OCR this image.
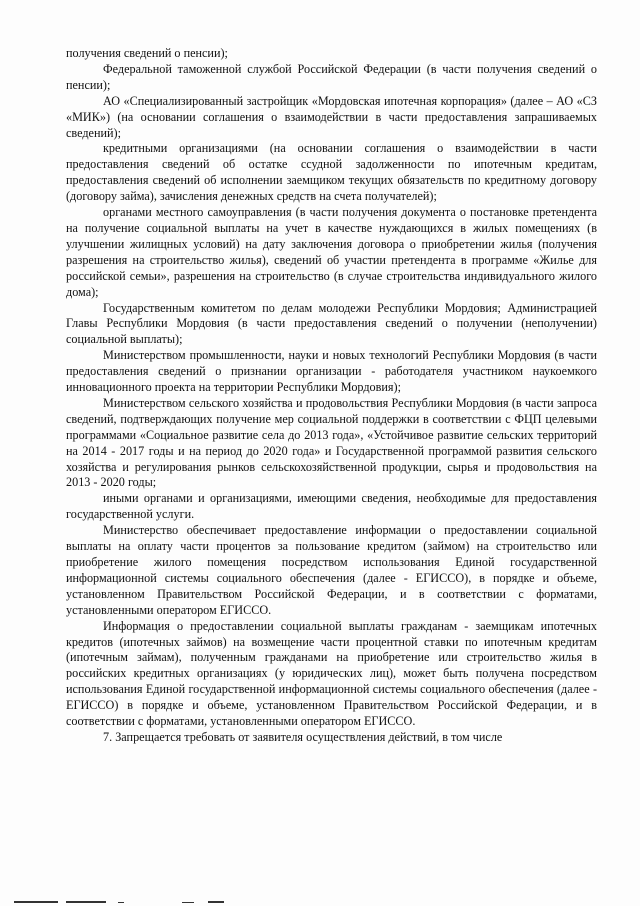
получения сведений о пенсии);

Федеральной таможенной службой Российской Федерации (в части получения сведений о пенсии);

АО «Специализированный застройщик «Мордовская ипотечная корпорация» (далее – АО «СЗ «МИК») (на основании соглашения о взаимодействии в части предоставления запрашиваемых сведений);

кредитными организациями (на основании соглашения о взаимодействии в части предоставления сведений об остатке ссудной задолженности по ипотечным кредитам, предоставления сведений об исполнении заемщиком текущих обязательств по кредитному договору (договору займа), зачисления денежных средств на счета получателей);

органами местного самоуправления (в части получения документа о постановке претендента на получение социальной выплаты на учет в качестве нуждающихся в жилых помещениях (в улучшении жилищных условий) на дату заключения договора о приобретении жилья (получения разрешения на строительство жилья), сведений об участии претендента в программе «Жилье для российской семьи», разрешения на строительство (в случае строительства индивидуального жилого дома);

Государственным комитетом по делам молодежи Республики Мордовия; Администрацией Главы Республики Мордовия (в части предоставления сведений о получении (неполучении) социальной выплаты);

Министерством промышленности, науки и новых технологий Республики Мордовия (в части предоставления сведений о признании организации - работодателя участником наукоемкого инновационного проекта на территории Республики Мордовия);

Министерством сельского хозяйства и продовольствия Республики Мордовия (в части запроса сведений, подтверждающих получение мер социальной поддержки в соответствии с ФЦП целевыми программами «Социальное развитие села до 2013 года», «Устойчивое развитие сельских территорий на 2014 - 2017 годы и на период до 2020 года» и Государственной программой развития сельского хозяйства и регулирования рынков сельскохозяйственной продукции, сырья и продовольствия на 2013 - 2020 годы;

иными органами и организациями, имеющими сведения, необходимые для предоставления государственной услуги.

Министерство обеспечивает предоставление информации о предоставлении социальной выплаты на оплату части процентов за пользование кредитом (займом) на строительство или приобретение жилого помещения посредством использования Единой государственной информационной системы социального обеспечения (далее - ЕГИССО), в порядке и объеме, установленном Правительством Российской Федерации, и в соответствии с форматами, установленными оператором ЕГИССО.

Информация о предоставлении социальной выплаты гражданам - заемщикам ипотечных кредитов (ипотечных займов) на возмещение части процентной ставки по ипотечным кредитам (ипотечным займам), полученным гражданами на приобретение или строительство жилья в российских кредитных организациях (у юридических лиц), может быть получена посредством использования Единой государственной информационной системы социального обеспечения (далее - ЕГИССО) в порядке и объеме, установленном Правительством Российской Федерации, и в соответствии с форматами, установленными оператором ЕГИССО.

7. Запрещается требовать от заявителя осуществления действий, в том числе
